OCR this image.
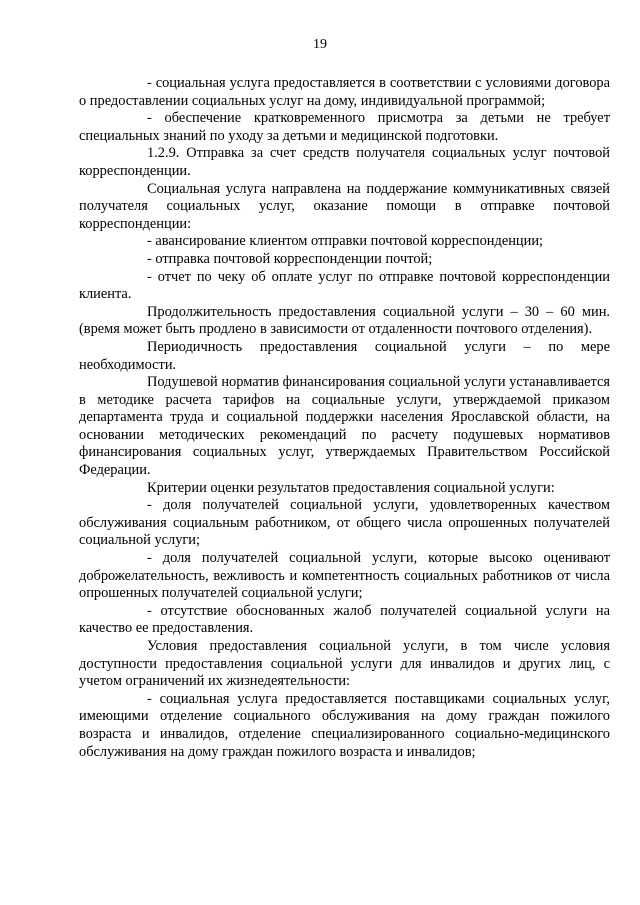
19

- социальная услуга предоставляется в соответствии с условиями договора о предоставлении социальных услуг на дому, индивидуальной программой;

- обеспечение кратковременного присмотра за детьми не требует специальных знаний по уходу за детьми и медицинской подготовки.

1.2.9. Отправка за счет средств получателя социальных услуг почтовой корреспонденции.

Социальная услуга направлена на поддержание коммуникативных связей получателя социальных услуг, оказание помощи в отправке почтовой корреспонденции:

- авансирование клиентом отправки почтовой корреспонденции;

- отправка почтовой корреспонденции почтой;

- отчет по чеку об оплате услуг по отправке почтовой корреспонденции клиента.

Продолжительность предоставления социальной услуги – 30 – 60 мин. (время может быть продлено в зависимости от отдаленности почтового отделения).

Периодичность предоставления социальной услуги – по мере необходимости.

Подушевой норматив финансирования социальной услуги устанавливается в методике расчета тарифов на социальные услуги, утверждаемой приказом департамента труда и социальной поддержки населения Ярославской области, на основании методических рекомендаций по расчету подушевых нормативов финансирования социальных услуг, утверждаемых Правительством Российской Федерации.

Критерии оценки результатов предоставления социальной услуги:

- доля получателей социальной услуги, удовлетворенных качеством обслуживания социальным работником, от общего числа опрошенных получателей социальной услуги;

- доля получателей социальной услуги, которые высоко оценивают доброжелательность, вежливость и компетентность социальных работников от числа опрошенных получателей социальной услуги;

- отсутствие обоснованных жалоб получателей социальной услуги на качество ее предоставления.

Условия предоставления социальной услуги, в том числе условия доступности предоставления социальной услуги для инвалидов и других лиц, с учетом ограничений их жизнедеятельности:

- социальная услуга предоставляется поставщиками социальных услуг, имеющими отделение социального обслуживания на дому граждан пожилого возраста и инвалидов, отделение специализированного социально-медицинского обслуживания на дому граждан пожилого возраста и инвалидов;
